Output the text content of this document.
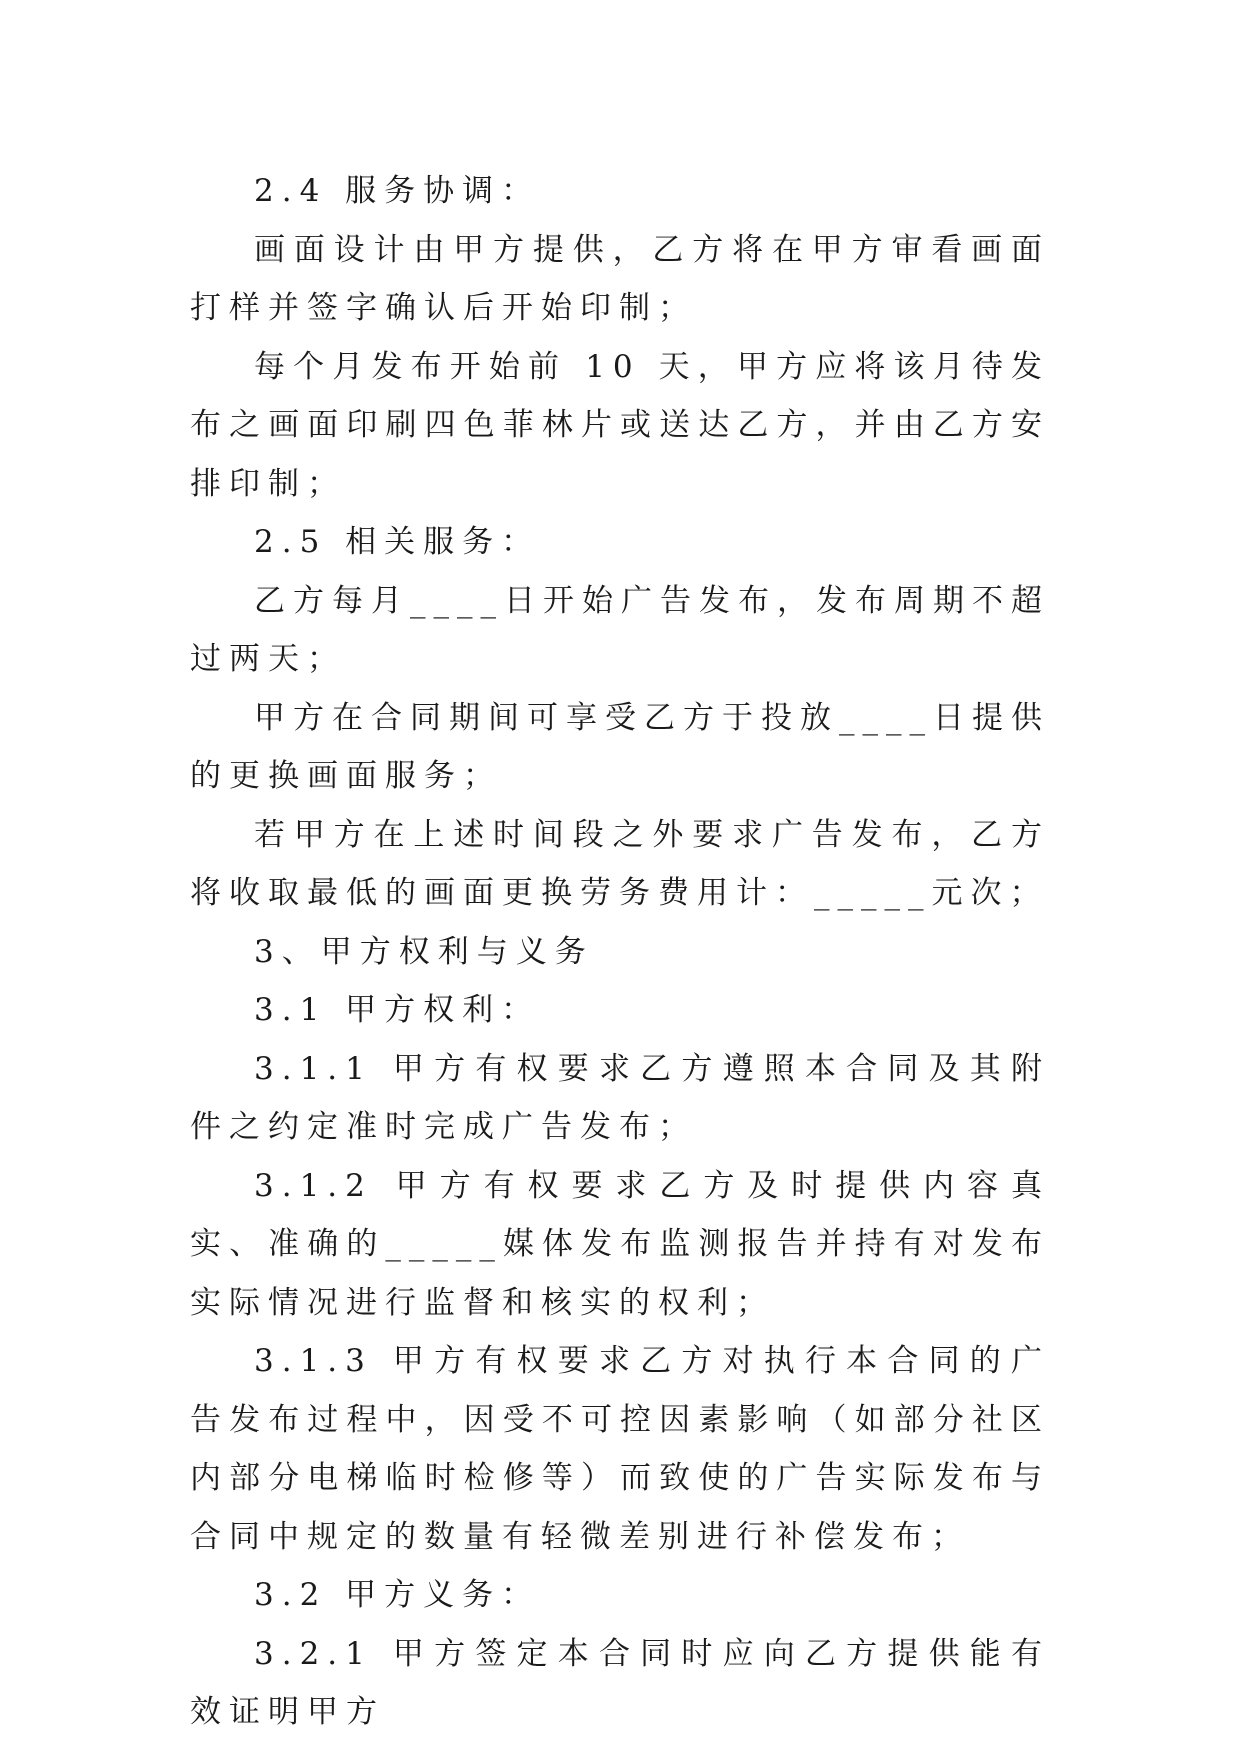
2.4 服务协调：

画面设计由甲方提供，乙方将在甲方审看画面打样并签字确认后开始印制；

每个月发布开始前 10 天，甲方应将该月待发布之画面印刷四色菲林片或送达乙方，并由乙方安排印制；

2.5 相关服务：

乙方每月____日开始广告发布，发布周期不超过两天；

甲方在合同期间可享受乙方于投放____日提供的更换画面服务；

若甲方在上述时间段之外要求广告发布，乙方将收取最低的画面更换劳务费用计：_____元次；

3、甲方权利与义务

3.1 甲方权利：

3.1.1 甲方有权要求乙方遵照本合同及其附件之约定准时完成广告发布；

3.1.2 甲方有权要求乙方及时提供内容真实、准确的_____媒体发布监测报告并持有对发布实际情况进行监督和核实的权利；

3.1.3 甲方有权要求乙方对执行本合同的广告发布过程中，因受不可控因素影响（如部分社区内部分电梯临时检修等）而致使的广告实际发布与合同中规定的数量有轻微差别进行补偿发布；

3.2 甲方义务：

3.2.1 甲方签定本合同时应向乙方提供能有效证明甲方
